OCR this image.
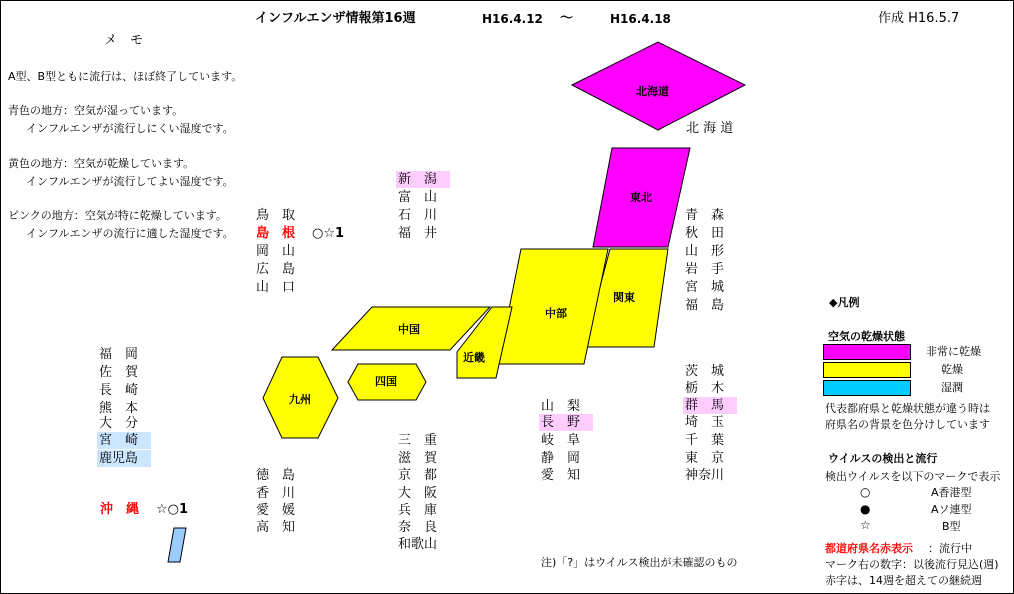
北海道
東北
関東
中部
近畿
中国
四国
九州
インフルエンザ情報第16週	H16.4.12 ～	H16.4.18	作成 H16.5.7
メ　モ
A型、B型ともに流行は、ほぼ終了しています。
青色の地方：空気が湿っています。
インフルエンザが流行しにくい湿度です。
黄色の地方：空気が乾燥しています。
インフルエンザが流行してよい湿度です。
ピンクの地方：空気が特に乾燥しています。
インフルエンザの流行に適した湿度です。
北 海 道
新　潟
富　山
石　川
福　井
鳥　取
島　根 ○☆1
岡　山
広　島
山　口
青　森
秋　田
山　形
岩　手
宮　城
福　島
福　岡
佐　賀
長　崎
熊　本
大　分
宮　崎
鹿児島
沖　縄 ☆○1
山　梨
長　野
岐　阜
静　岡
愛　知
三　重
滋　賀
京　都
大　阪
兵　庫
奈　良
和歌山
徳　島
香　川
愛　媛
高　知
茨　城
栃　木
群　馬
埼　玉
千　葉
東　京
神奈川
注)「?」はウイルス検出が未確認のもの
◆凡例
空気の乾燥状態
非常に乾燥
乾燥
湿潤
代表都府県と乾燥状態が違う時は
府県名の背景を色分けしています
ウイルスの検出と流行
検出ウイルスを以下のマークで表示
○	A香港型
●	Aソ連型
☆	B型
都道府県名赤表示 ：流行中
マーク右の数字：以後流行見込(週)
赤字は、14週を超えての継続週
